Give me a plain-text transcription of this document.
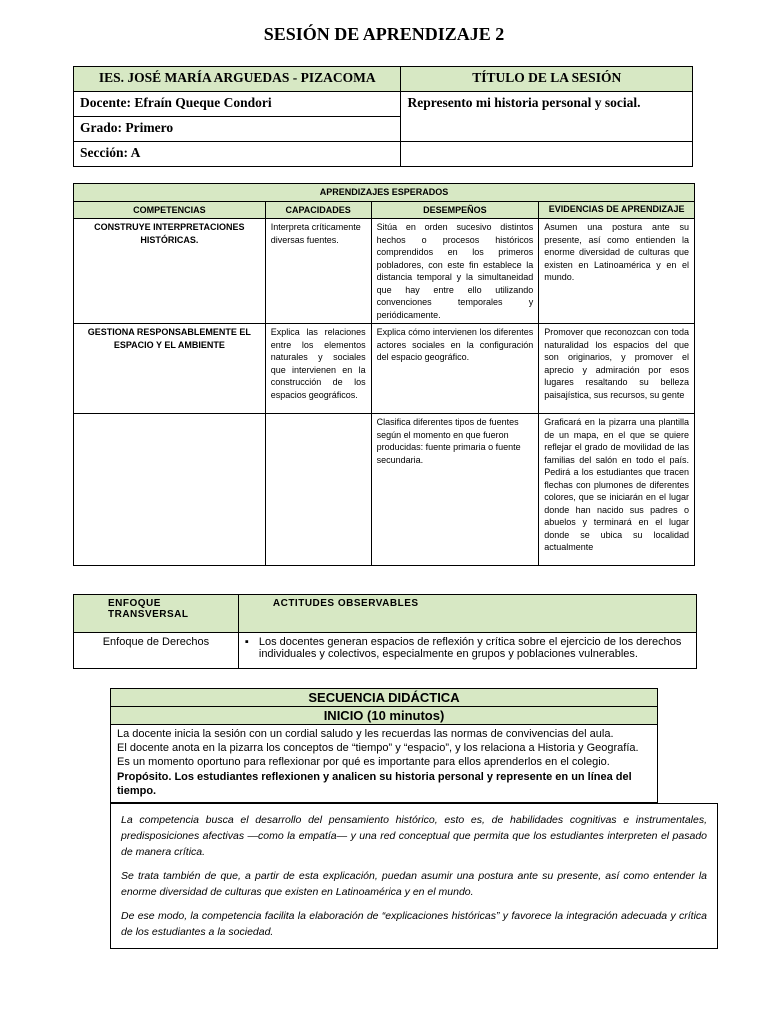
SESIÓN DE APRENDIZAJE 2
IES. JOSÉ MARÍA ARGUEDAS - PIZACOMA	TÍTULO DE LA SESIÓN
Docente: Efraín Queque Condori	Represento mi historia personal y social.
Grado: Primero	
Sección: A	
APRENDIZAJES ESPERADOS			
COMPETENCIAS	CAPACIDADES	DESEMPEÑOS	EVIDENCIAS DE APRENDIZAJE
CONSTRUYE INTERPRETACIONES HISTÓRICAS.	Interpreta críticamente diversas fuentes.	Sitúa en orden sucesivo distintos hechos o procesos históricos comprendidos en los primeros pobladores, con este fin establece la distancia temporal y la simultaneidad que hay entre ello utilizando convenciones temporales y periódicamente.	Asumen una postura ante su presente, así como entienden la enorme diversidad de culturas que existen en Latinoamérica y en el mundo.
GESTIONA RESPONSABLEMENTE EL ESPACIO Y EL AMBIENTE	Explica las relaciones entre los elementos naturales y sociales que intervienen en la construcción de los espacios geográficos.	Explica cómo intervienen los diferentes actores sociales en la configuración del espacio geográfico.	Promover que reconozcan con toda naturalidad los espacios del que son originarios, y promover el aprecio y admiración por esos lugares resaltando su belleza paisajística, sus recursos, su gente
		Clasifica diferentes tipos de fuentes según el momento en que fueron producidas: fuente primaria o fuente secundaria.	Graficará en la pizarra una plantilla de un mapa, en el que se quiere reflejar el grado de movilidad de las familias del salón en todo el país. Pedirá a los estudiantes que tracen flechas con plumones de diferentes colores, que se iniciarán en el lugar donde han nacido sus padres o abuelos y terminará en el lugar donde se ubica su localidad actualmente
ENFOQUE TRANSVERSAL	ACTITUDES OBSERVABLES
Enfoque de Derechos	▪ Los docentes generan espacios de reflexión y crítica sobre el ejercicio de los derechos individuales y colectivos, especialmente en grupos y poblaciones vulnerables.
SECUENCIA DIDÁCTICA
INICIO (10 minutos)

La docente inicia la sesión con un cordial saludo y les recuerdas las normas de convivencias del aula.
El docente anota en la pizarra los conceptos de “tiempo” y “espacio”, y los relaciona a Historia y Geografía. Es un momento oportuno para reflexionar por qué es importante para ellos aprenderlos en el colegio.
Propósito. Los estudiantes reflexionen y analicen su historia personal y represente en un línea del tiempo.

La competencia busca el desarrollo del pensamiento histórico, esto es, de habilidades cognitivas e instrumentales, predisposiciones afectivas —como la empatía— y una red conceptual que permita que los estudiantes interpreten el pasado de manera crítica.

Se trata también de que, a partir de esta explicación, puedan asumir una postura ante su presente, así como entender la enorme diversidad de culturas que existen en Latinoamérica y en el mundo.

De ese modo, la competencia facilita la elaboración de “explicaciones históricas” y favorece la integración adecuada y crítica de los estudiantes a la sociedad.
